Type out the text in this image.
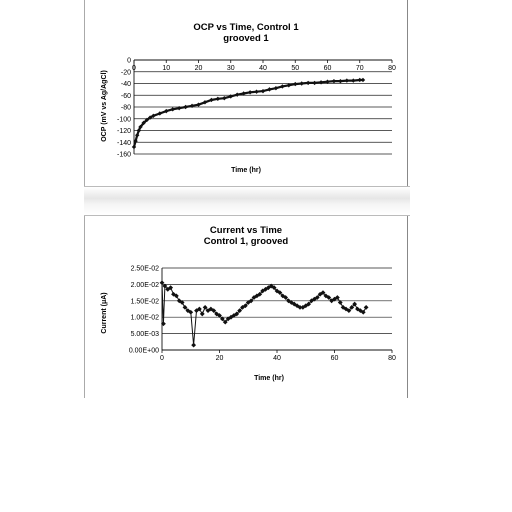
OCP vs Time, Control 1
grooved 1
Time (hr)
OCP (mV vs Ag/AgCl)
0
-20
-40
-60
-80
-100
-120
-140
-160
0	10	20	30	40	50	60	70	80
Current vs Time
Control 1, grooved
Time (hr)
Current (μA)
0.00E+00
5.00E-03
1.00E-02
1.50E-02
2.00E-02
2.50E-02
0	20	40	60	80
